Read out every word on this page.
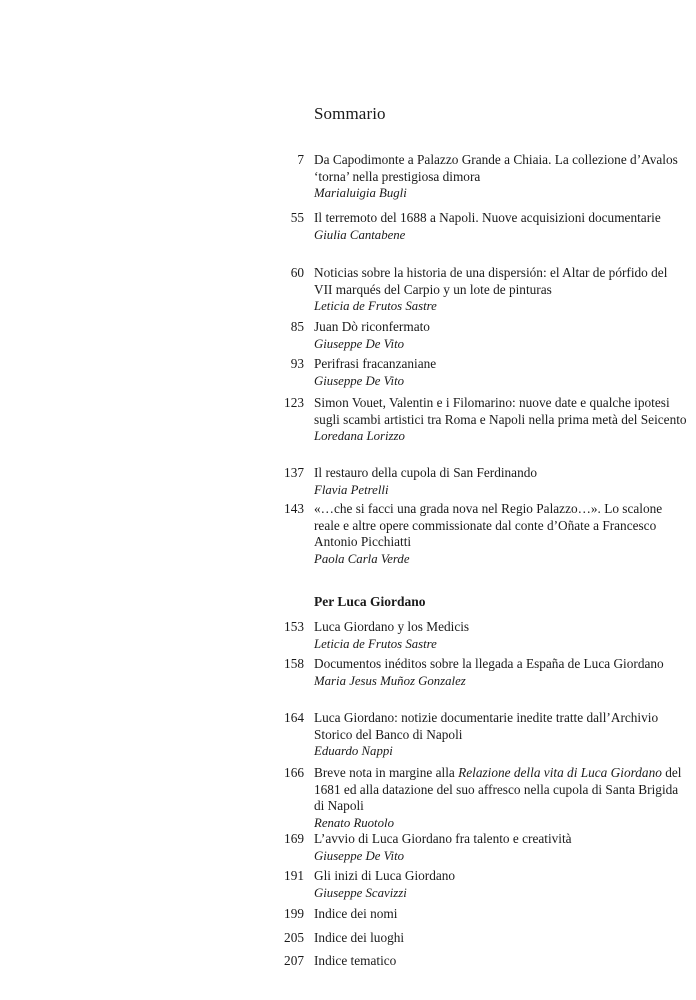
Sommario
7 Da Capodimonte a Palazzo Grande a Chiaia. La collezione d’Avalos ‘torna’ nella prestigiosa dimora
Marialuigia Bugli
55 Il terremoto del 1688 a Napoli. Nuove acquisizioni documentarie
Giulia Cantabene
60 Noticias sobre la historia de una dispersión: el Altar de pórfido del VII marqués del Carpio y un lote de pinturas
Leticia de Frutos Sastre
85 Juan Dò riconfermato
Giuseppe De Vito
93 Perifrasi fracanzaniane
Giuseppe De Vito
123 Simon Vouet, Valentin e i Filomarino: nuove date e qualche ipotesi sugli scambi artistici tra Roma e Napoli nella prima metà del Seicento
Loredana Lorizzo
137 Il restauro della cupola di San Ferdinando
Flavia Petrelli
143 «…che si facci una grada nova nel Regio Palazzo…». Lo scalone reale e altre opere commissionate dal conte d’Oñate a Francesco Antonio Picchiatti
Paola Carla Verde
Per Luca Giordano
153 Luca Giordano y los Medicis
Leticia de Frutos Sastre
158 Documentos inéditos sobre la llegada a España de Luca Giordano
Maria Jesus Muñoz Gonzalez
164 Luca Giordano: notizie documentarie inedite tratte dall’Archivio Storico del Banco di Napoli
Eduardo Nappi
166 Breve nota in margine alla Relazione della vita di Luca Giordano del 1681 ed alla datazione del suo affresco nella cupola di Santa Brigida di Napoli
Renato Ruotolo
169 L’avvio di Luca Giordano fra talento e creatività
Giuseppe De Vito
191 Gli inizi di Luca Giordano
Giuseppe Scavizzi
199 Indice dei nomi
205 Indice dei luoghi
207 Indice tematico
